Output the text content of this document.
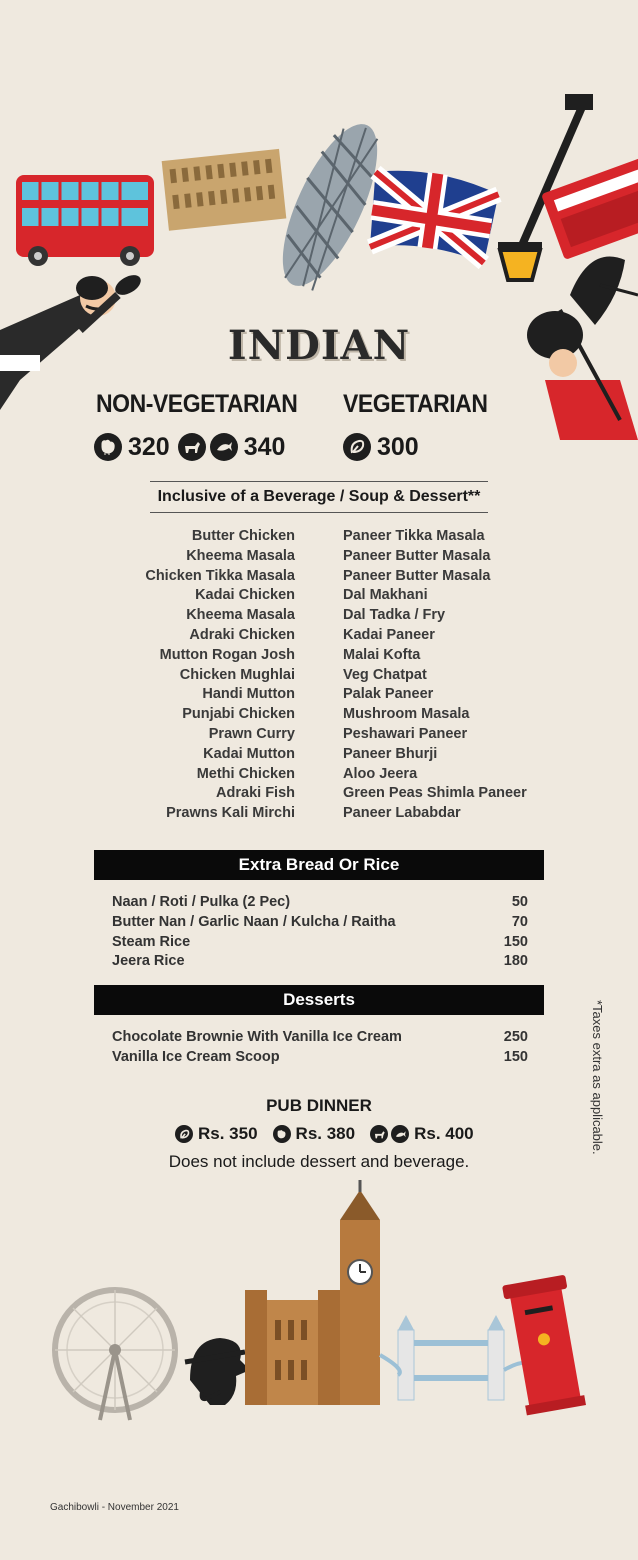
INDIAN
NON-VEGETARIAN VEGETARIAN
320	340	300
Inclusive of a Beverage / Soup & Dessert**
Butter Chicken
Kheema Masala
Chicken Tikka Masala
Kadai Chicken
Kheema Masala
Adraki Chicken
Mutton Rogan Josh
Chicken Mughlai
Handi Mutton
Punjabi Chicken
Prawn Curry
Kadai Mutton
Methi Chicken
Adraki Fish
Prawns Kali Mirchi
Paneer Tikka Masala
Paneer Butter Masala
Paneer Butter Masala
Dal Makhani
Dal Tadka / Fry
Kadai Paneer
Malai Kofta
Veg Chatpat
Palak Paneer
Mushroom Masala
Peshawari Paneer
Paneer Bhurji
Aloo Jeera
Green Peas Shimla Paneer
Paneer Lababdar
Extra Bread Or Rice
Naan / Roti / Pulka (2 Pec)	50
Butter Nan / Garlic Naan / Kulcha / Raitha	70
Steam Rice	150
Jeera Rice	180
Desserts
Chocolate Brownie With Vanilla Ice Cream	250
Vanilla Ice Cream Scoop	150
PUB DINNER
Rs. 350 Rs. 380	Rs. 400
Does not include dessert and beverage.
*Taxes extra as applicable.
Gachibowli - November 2021
